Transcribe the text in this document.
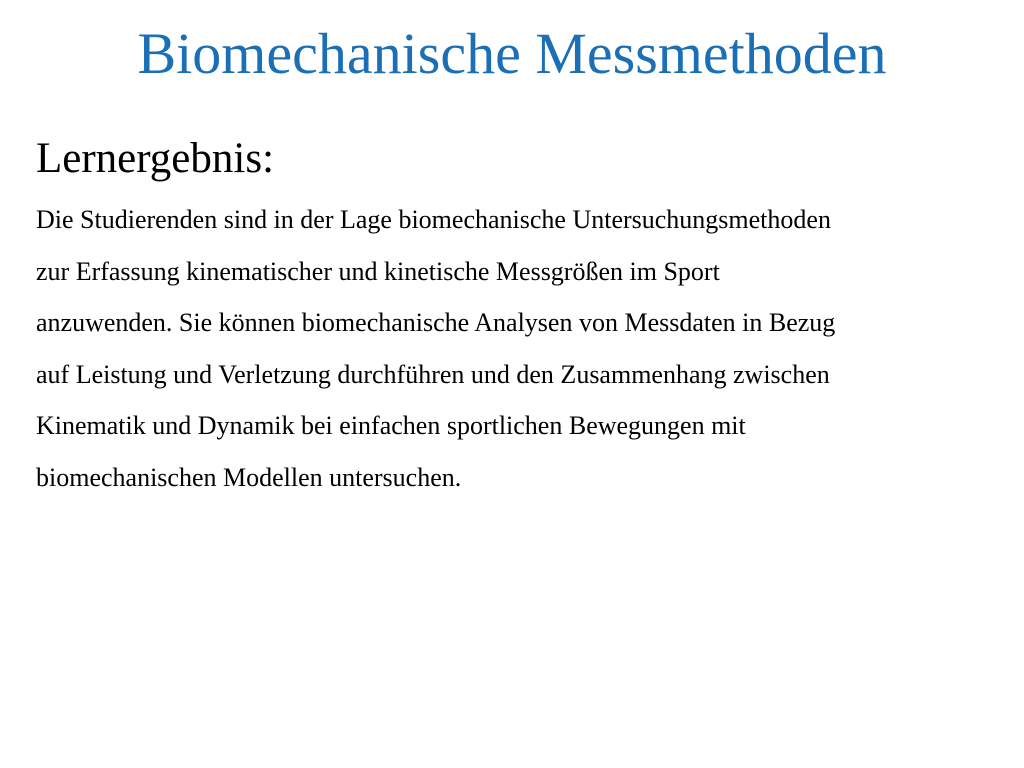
Biomechanische Messmethoden
Lernergebnis:
Die Studierenden sind in der Lage biomechanische Untersuchungsmethoden
zur Erfassung kinematischer und kinetische Messgrößen im Sport
anzuwenden. Sie können biomechanische Analysen von Messdaten in Bezug
auf Leistung und Verletzung durchführen und den Zusammenhang zwischen
Kinematik und Dynamik bei einfachen sportlichen Bewegungen mit
biomechanischen Modellen untersuchen.
